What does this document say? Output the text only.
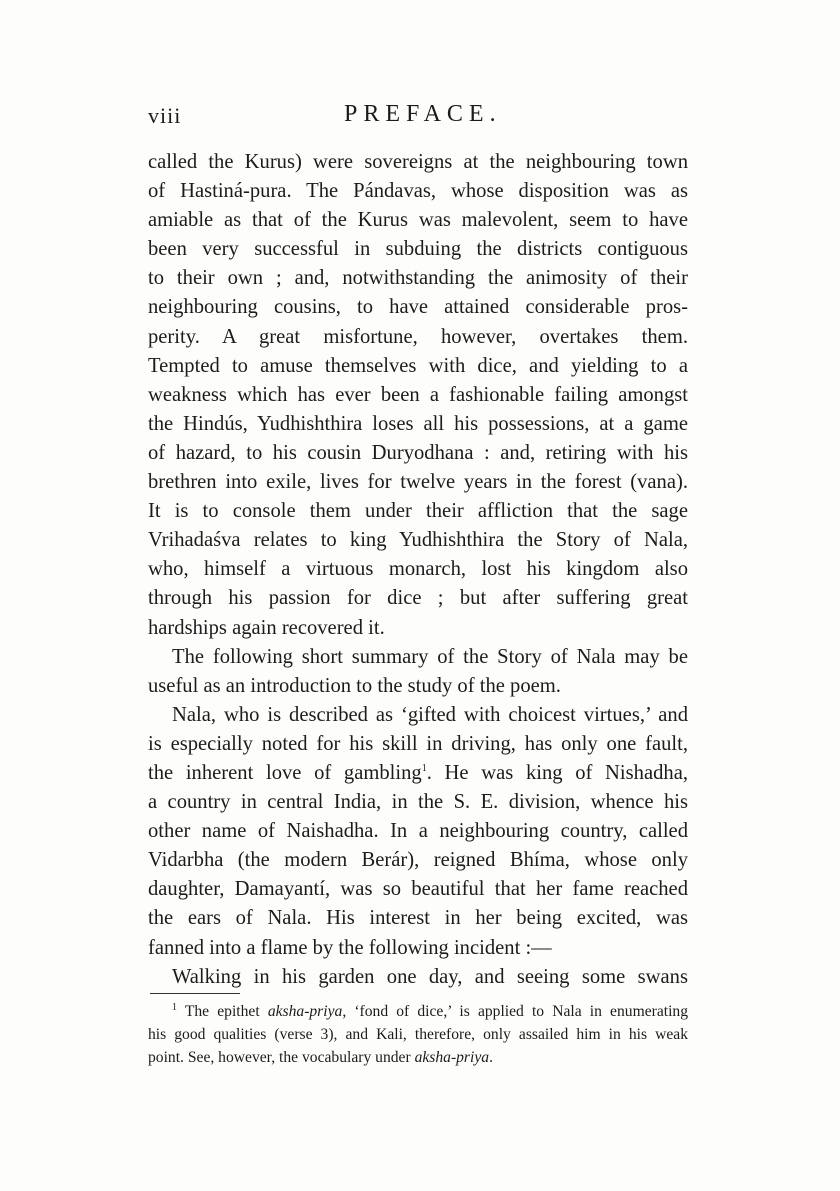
viii	PREFACE.
called the Kurus) were sovereigns at the neighbouring town
of Hastiná-pura. The Pándavas, whose disposition was as
amiable as that of the Kurus was malevolent, seem to have
been very successful in subduing the districts contiguous
to their own ; and, notwithstanding the animosity of their
neighbouring cousins, to have attained considerable pros-
perity. A great misfortune, however, overtakes them.
Tempted to amuse themselves with dice, and yielding to a
weakness which has ever been a fashionable failing amongst
the Hindús, Yudhishthira loses all his possessions, at a game
of hazard, to his cousin Duryodhana : and, retiring with his
brethren into exile, lives for twelve years in the forest (vana).
It is to console them under their affliction that the sage
Vrihadaśva relates to king Yudhishthira the Story of Nala,
who, himself a virtuous monarch, lost his kingdom also
through his passion for dice ; but after suffering great
hardships again recovered it.
The following short summary of the Story of Nala may be
useful as an introduction to the study of the poem.
Nala, who is described as ‘gifted with choicest virtues,’ and
is especially noted for his skill in driving, has only one fault,
the inherent love of gambling$^1$. He was king of Nishadha,
a country in central India, in the S. E. division, whence his
other name of Naishadha. In a neighbouring country, called
Vidarbha (the modern Berár), reigned Bhíma, whose only
daughter, Damayantí, was so beautiful that her fame reached
the ears of Nala. His interest in her being excited, was
fanned into a flame by the following incident :—
Walking in his garden one day, and seeing some swans
$^1$ The epithet aksha-priya, ‘fond of dice,’ is applied to Nala in enumerating
his good qualities (verse 3), and Kali, therefore, only assailed him in his weak
point. See, however, the vocabulary under aksha-priya.
